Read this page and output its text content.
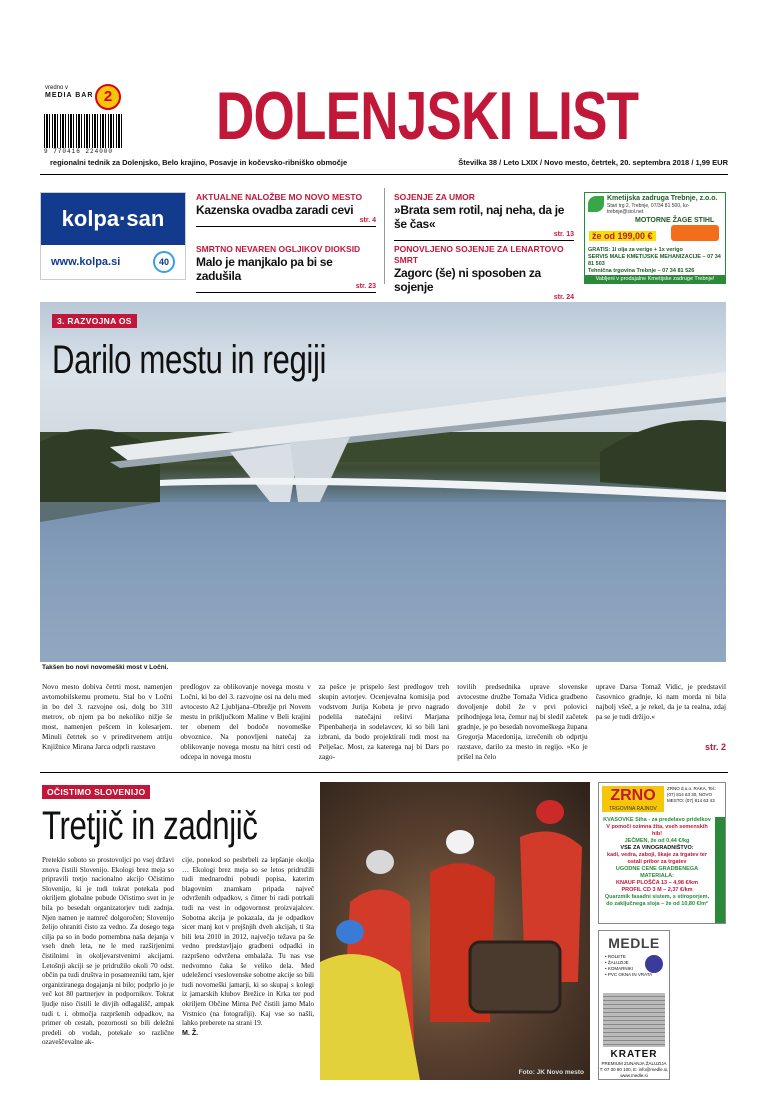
vredno v
MEDIA BAR 2
9 770416 224000 DOLENJSKI LIST
regionalni tednik za Dolenjsko, Belo krajino, Posavje in kočevsko-ribniško območje	Številka 38 / Leto LXIX / Novo mesto, četrtek, 20. septembra 2018 / 1,99 EUR
kolpa·san
www.kolpa.si	40
AKTUALNE NALOŽBE MO NOVO MESTO
Kazenska ovadba zaradi cevi
str. 4
SMRTNO NEVAREN OGLJIKOV DIOKSID
Malo je manjkalo pa bi se zadušila
str. 23
SOJENJE ZA UMOR
»Brata sem rotil, naj neha, da je še čas«
str. 13
PONOVLJENO SOJENJE ZA LENARTOVO SMRT
Zagorc (še) ni sposoben za sojenje
str. 24
Kmetijska zadruga Trebnje, z.o.o.
Stari trg 2, Trebnje, 07/34 81 500, kz-trebnje@siol.net
MOTORNE ŽAGE STIHL
že od 199,00 €
GRATIS: 1l olja za verige + 1x verigo
SERVIS MALE KMETIJSKE MEHANIZACIJE – 07 34 81 503
Tehnična trgovina Trebnje – 07 34 81 526
Vabljeni v prodajalne Kmetijske zadruge Trebnje!
3. RAZVOJNA OS
Darilo mestu in regiji
Takšen bo novi novomeški most v Ločni.
Novo mesto dobiva četrti most, namenjen avtomobilskemu prometu. Stal bo v Ločni in bo del 3. razvojne osi, dolg bo 310 metrov, ob njem pa bo nekoliko nižje še most, namenjen pešcem in kolesarjem. Minuli četrtek so v prireditvenem atriju Knjižnice Mirana Jarca odprli razstavo
predlogov za oblikovanje novega mostu v Ločni, ki bo del 3. razvojne osi na delu med avtocesto A2 Ljubljana–Obrežje pri Novem mestu in priključkom Maline v Beli krajini ter obenem del bodoče novomeške obvoznice. Na ponovljeni natečaj za oblikovanje novega mostu na hitri cesti od odcepa in novega mostu
za pešce je prispelo šest predlogov treh skupin avtorjev. Ocenjevalna komisija pod vodstvom Jurija Kobeta je prvo nagrado podelila natečajni rešitvi Marjana Pipenbaherja in sodelavcev, ki so bili lani izbrani, da bodo projektirali tudi most na Pelješac. Most, za katerega naj bi Dars po zago-
tovilih predsednika uprave slovenske avtocestne družbe Tomaža Vidica gradbeno dovoljenje dobil že v prvi polovici prihodnjega leta, čemur naj bi sledil začetek gradnje, je po besedah novomeškega župana Gregorja Macedonija, izrečenih ob odprtju razstave, darilo za mesto in regijo. »Ko je prišel na čelo
uprave Darsa Tomaž Vidic, je predstavil časovnico gradnje, ki nam morda ni bila najbolj všeč, a je rekel, da je ta realna, zdaj pa se je tudi držijo.«
str. 2
OČISTIMO SLOVENIJO
Tretjič in zadnjič
Preteklo soboto so prostovoljci po vsej državi znova čistili Slovenijo. Ekologi brez meja so pripravili tretjo nacionalno akcijo Očistimo Slovenijo, ki je tudi tokrat potekala pod okriljem globalne pobude Očistimo svet in je bila po besedah organizatorjev tudi zadnja. Njen namen je namreč dolgoročen; Slovenijo želijo ohraniti čisto za vedno. Za dosego tega cilja pa so in bodo pomembna naša dejanja v vseh dneh leta, ne le med razširjenimi čistilnimi in okoljevarstvenimi akcijami. Letošnji akciji se je pridružilo okoli 70 odst. občin pa tudi društva in posamezniki tam, kjer organiziranega dogajanja ni bilo; podprlo jo je več kot 80 partnerjev in podpornikov. Tokrat ljudje niso čistili le divjih odlagališč, ampak tudi t. i. območja razpršenih odpadkov, na primer ob cestah, pozornosti so bili deležni predeli ob vodah, potekale so različne ozaveščevalne ak-
cije, ponekod so pesbrbeli za lepšanje okolja … Ekologi brez meja so se letos pridružili tudi mednarodni pobudi popisa, katerim blagovnim znamkam pripada največ odvrženih odpadkov, s čimer bi radi potrkali tudi na vest in odgovornost proizvajalcev. Sobotna akcija je pokazala, da je odpadkov sicer manj kot v prejšnjih dveh akcijah, ti šta bili leta 2010 in 2012, največjo težava pa še vedno predstavljajo gradbeni odpadki in razpršeno odvržena embalaža. Tu nas vse nedvomno čaka še veliko dela. Med udeleženci vseslovenske sobotne akcije so bili tudi novomeški jamarji, ki so skupaj s kolegi iz jamarskih klubov Brežice in Krka ter pod okriljem Občine Mirna Peč čistili jamo Malo Vrstnico (na fotografiji). Kaj vse so našli, lahko preberete na strani 19.
M. Ž.
Foto: JK Novo mesto
ZRNO
TRGOVINA RAJNOV
ZRNO d.o.o. RAKA, Tel.: (07) 814 63 30, NOVO MESTO: (07) 814 63 43
KVASOVKE Siha - za predelavo pridelkov
V pomoči ozimna žita, vseh semenskih hib!
JEČMEN, že od 0,44 €/kg
VSE ZA VINOGRADNIŠTVO:
kadi, vedra, zaboji, škaje za trgatev ter ostali pribor za trgatev
UGODNE CENE GRADBENEGA MATERIALA:
KNAUF PLOŠČA 13 – 4,98 €/km
PROFIL CD 3 M – 2,37 €/km
Quarzmik fasadni sistem, s stiroporjem, do zaključnega sloja – že od 10,80 €/m²
MEDLE
• ROLETE
• ŽALUZIJE
• KOMARNIKI
• PVC OKNA IN VRATA
KRATER
PREMIUM ZUNANJA ŽALUZIJA
T: 07 30 80 100, E: info@medle.si, www.medle.si
